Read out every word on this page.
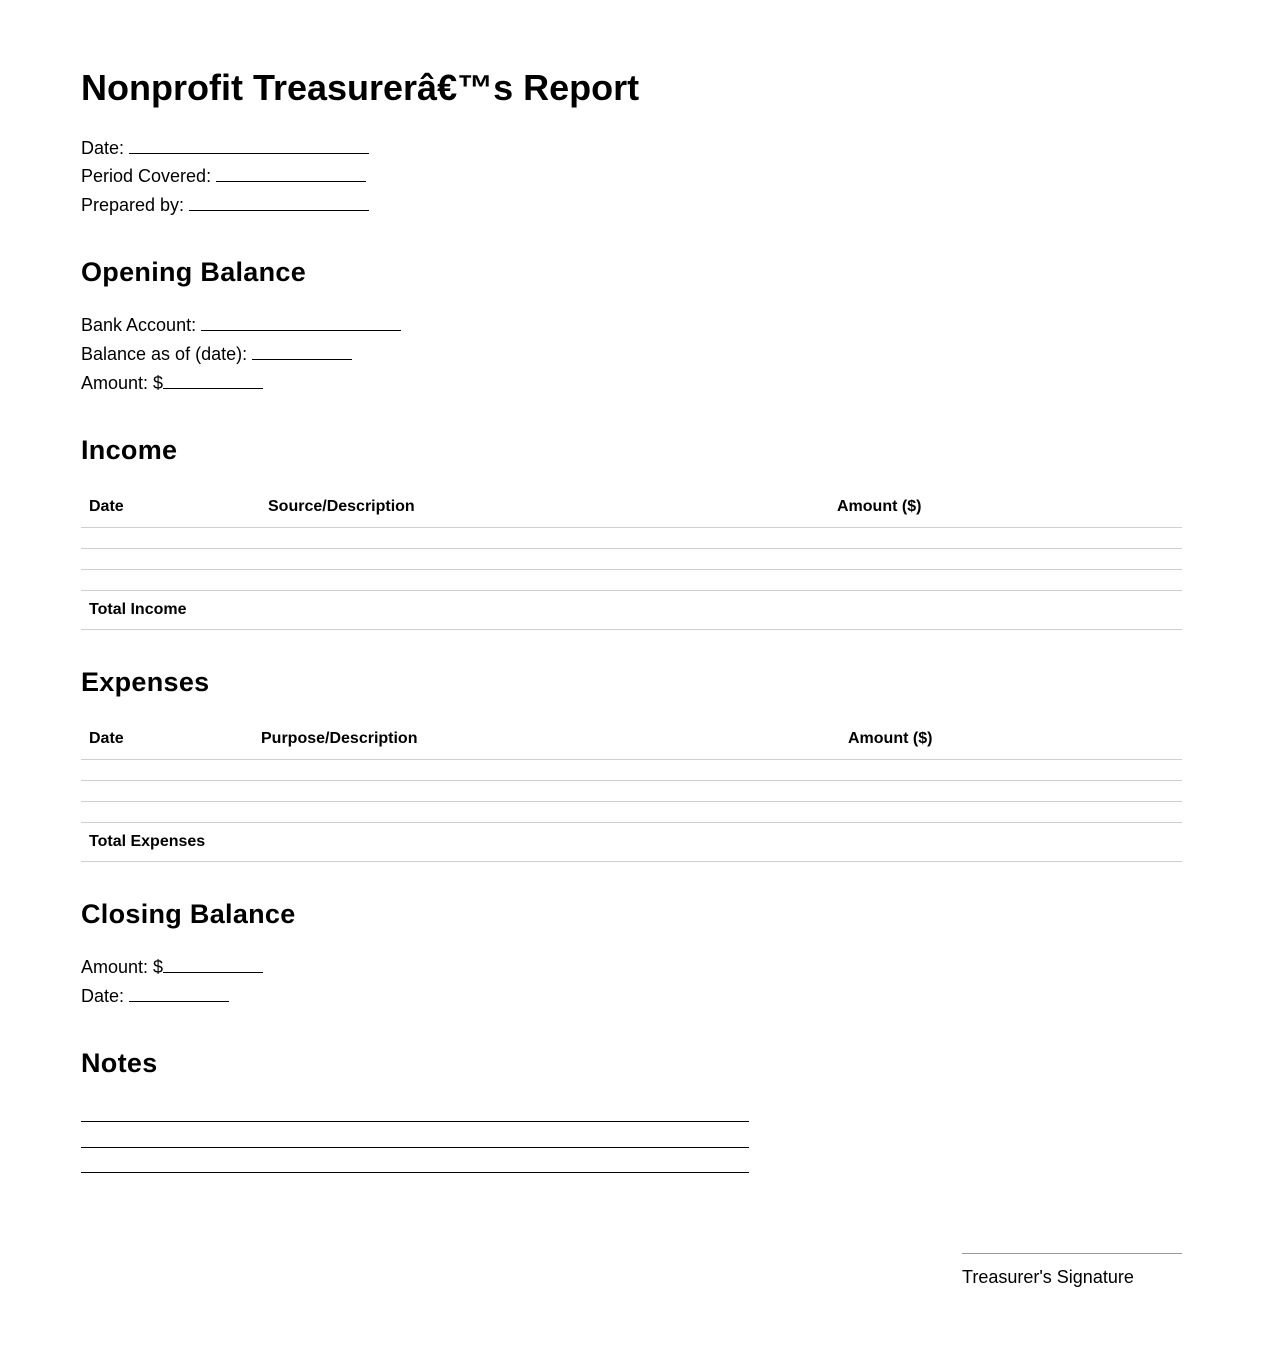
Nonprofit Treasurerâ€™s Report
Date:
Period Covered:
Prepared by:
Opening Balance
Bank Account:
Balance as of (date):
Amount: $
Income
Date	Source/Description	Amount ($)

Total Income		
Expenses
Date	Purpose/Description	Amount ($)

Total Expenses		
Closing Balance
Amount: $
Date:
Notes
Treasurer's Signature
